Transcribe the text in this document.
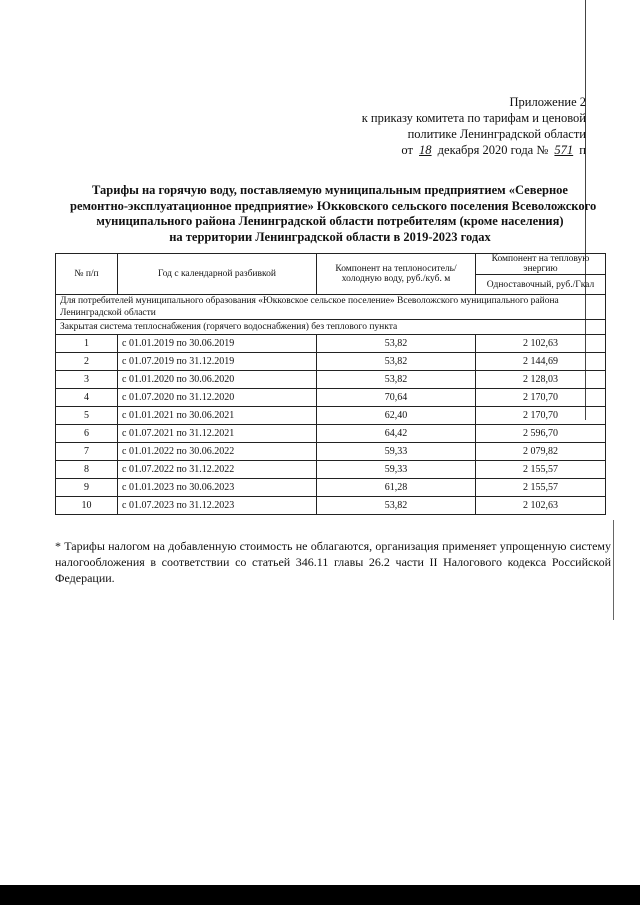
Приложение 2
к приказу комитета по тарифам и ценовой
политике Ленинградской области
от 18 декабря 2020 года № 571 п
Тарифы на горячую воду, поставляемую муниципальным предприятием «Северное
ремонтно-эксплуатационное предприятие» Юкковского сельского поселения Всеволожского
муниципального района Ленинградской области потребителям (кроме населения)
на территории Ленинградской области в 2019-2023 годах
№ п/п	Год с календарной разбивкой	Компонент на теплоноситель/ холодную воду, руб./куб. м	Компонент на тепловую энергию
			Одноставочный, руб./Гкал
Для потребителей муниципального образования «Юкковское сельское поселение» Всеволожского муниципального района Ленинградской области			
Закрытая система теплоснабжения (горячего водоснабжения) без теплового пункта			
1	с 01.01.2019 по 30.06.2019	53,82	2 102,63
2	с 01.07.2019 по 31.12.2019	53,82	2 144,69
3	с 01.01.2020 по 30.06.2020	53,82	2 128,03
4	с 01.07.2020 по 31.12.2020	70,64	2 170,70
5	с 01.01.2021 по 30.06.2021	62,40	2 170,70
6	с 01.07.2021 по 31.12.2021	64,42	2 596,70
7	с 01.01.2022 по 30.06.2022	59,33	2 079,82
8	с 01.07.2022 по 31.12.2022	59,33	2 155,57
9	с 01.01.2023 по 30.06.2023	61,28	2 155,57
10	с 01.07.2023 по 31.12.2023	53,82	2 102,63
* Тарифы налогом на добавленную стоимость не облагаются, организация применяет упрощенную систему налогообложения в соответствии со статьей 346.11 главы 26.2 части II Налогового кодекса Российской Федерации.
